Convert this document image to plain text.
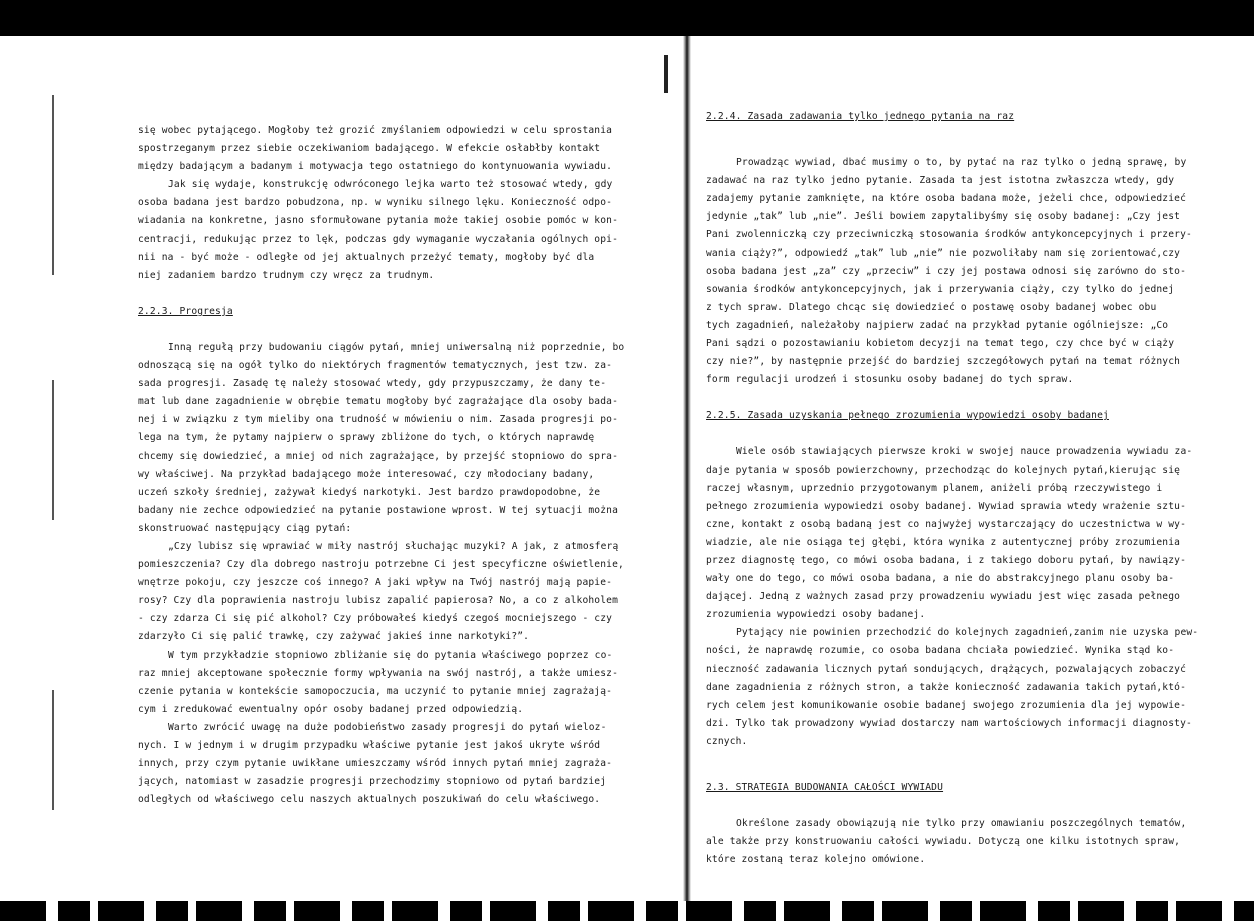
się wobec pytającego. Mogłoby też grozić zmyślaniem odpowiedzi w celu sprostania

spostrzeganym przez siebie oczekiwaniom badającego. W efekcie osłabłby kontakt

między badającym a badanym i motywacja tego ostatniego do kontynuowania wywiadu.

Jak się wydaje, konstrukcję odwróconego lejka warto też stosować wtedy, gdy

osoba badana jest bardzo pobudzona, np. w wyniku silnego lęku. Konieczność odpo-

wiadania na konkretne, jasno sformułowane pytania może takiej osobie pomóc w kon-

centracji, redukując przez to lęk, podczas gdy wymaganie wyczałania ogólnych opi-

nii na - być może - odległe od jej aktualnych przeżyć tematy, mogłoby być dla

niej zadaniem bardzo trudnym czy wręcz za trudnym.

2.2.3. Progresja

Inną regułą przy budowaniu ciągów pytań, mniej uniwersalną niż poprzednie, bo

odnoszącą się na ogół tylko do niektórych fragmentów tematycznych, jest tzw. za-

sada progresji. Zasadę tę należy stosować wtedy, gdy przypuszczamy, że dany te-

mat lub dane zagadnienie w obrębie tematu mogłoby być zagrażające dla osoby bada-

nej i w związku z tym mieliby ona trudność w mówieniu o nim. Zasada progresji po-

lega na tym, że pytamy najpierw o sprawy zbliżone do tych, o których naprawdę

chcemy się dowiedzieć, a mniej od nich zagrażające, by przejść stopniowo do spra-

wy właściwej. Na przykład badającego może interesować, czy młodociany badany,

uczeń szkoły średniej, zażywał kiedyś narkotyki. Jest bardzo prawdopodobne, że

badany nie zechce odpowiedzieć na pytanie postawione wprost. W tej sytuacji można

skonstruować następujący ciąg pytań:

„Czy lubisz się wprawiać w miły nastrój słuchając muzyki? A jak, z atmosferą

pomieszczenia? Czy dla dobrego nastroju potrzebne Ci jest specyficzne oświetlenie,

wnętrze pokoju, czy jeszcze coś innego? A jaki wpływ na Twój nastrój mają papie-

rosy? Czy dla poprawienia nastroju lubisz zapalić papierosa? No, a co z alkoholem

- czy zdarza Ci się pić alkohol? Czy próbowałeś kiedyś czegoś mocniejszego - czy

zdarzyło Ci się palić trawkę, czy zażywać jakieś inne narkotyki?”.

W tym przykładzie stopniowo zbliżanie się do pytania właściwego poprzez co-

raz mniej akceptowane społecznie formy wpływania na swój nastrój, a także umiesz-

czenie pytania w kontekście samopoczucia, ma uczynić to pytanie mniej zagrażają-

cym i zredukować ewentualny opór osoby badanej przed odpowiedzią.

Warto zwrócić uwagę na duże podobieństwo zasady progresji do pytań wieloz-

nych. I w jednym i w drugim przypadku właściwe pytanie jest jakoś ukryte wśród

innych, przy czym pytanie uwikłane umieszczamy wśród innych pytań mniej zagraża-

jących, natomiast w zasadzie progresji przechodzimy stopniowo od pytań bardziej

odległych od właściwego celu naszych aktualnych poszukiwań do celu właściwego.

2.2.4. Zasada zadawania tylko jednego pytania na raz

Prowadząc wywiad, dbać musimy o to, by pytać na raz tylko o jedną sprawę, by

zadawać na raz tylko jedno pytanie. Zasada ta jest istotna zwłaszcza wtedy, gdy

zadajemy pytanie zamknięte, na które osoba badana może, jeżeli chce, odpowiedzieć

jedynie „tak” lub „nie”. Jeśli bowiem zapytalibyśmy się osoby badanej: „Czy jest

Pani zwolenniczką czy przeciwniczką stosowania środków antykoncepcyjnych i przery-

wania ciąży?”, odpowiedź „tak” lub „nie” nie pozwoliłaby nam się zorientować,czy

osoba badana jest „za” czy „przeciw” i czy jej postawa odnosi się zarówno do sto-

sowania środków antykoncepcyjnych, jak i przerywania ciąży, czy tylko do jednej

z tych spraw. Dlatego chcąc się dowiedzieć o postawę osoby badanej wobec obu

tych zagadnień, należałoby najpierw zadać na przykład pytanie ogólniejsze: „Co

Pani sądzi o pozostawianiu kobietom decyzji na temat tego, czy chce być w ciąży

czy nie?”, by następnie przejść do bardziej szczegółowych pytań na temat różnych

form regulacji urodzeń i stosunku osoby badanej do tych spraw.

2.2.5. Zasada uzyskania pełnego zrozumienia wypowiedzi osoby badanej

Wiele osób stawiających pierwsze kroki w swojej nauce prowadzenia wywiadu za-

daje pytania w sposób powierzchowny, przechodząc do kolejnych pytań,kierując się

raczej własnym, uprzednio przygotowanym planem, aniżeli próbą rzeczywistego i

pełnego zrozumienia wypowiedzi osoby badanej. Wywiad sprawia wtedy wrażenie sztu-

czne, kontakt z osobą badaną jest co najwyżej wystarczający do uczestnictwa w wy-

wiadzie, ale nie osiąga tej głębi, która wynika z autentycznej próby zrozumienia

przez diagnostę tego, co mówi osoba badana, i z takiego doboru pytań, by nawiązy-

wały one do tego, co mówi osoba badana, a nie do abstrakcyjnego planu osoby ba-

dającej. Jedną z ważnych zasad przy prowadzeniu wywiadu jest więc zasada pełnego

zrozumienia wypowiedzi osoby badanej.

Pytający nie powinien przechodzić do kolejnych zagadnień,zanim nie uzyska pew-

ności, że naprawdę rozumie, co osoba badana chciała powiedzieć. Wynika stąd ko-

nieczność zadawania licznych pytań sondujących, drążących, pozwalających zobaczyć

dane zagadnienia z różnych stron, a także konieczność zadawania takich pytań,któ-

rych celem jest komunikowanie osobie badanej swojego zrozumienia dla jej wypowie-

dzi. Tylko tak prowadzony wywiad dostarczy nam wartościowych informacji diagnosty-

cznych.

2.3. STRATEGIA BUDOWANIA CAŁOŚCI WYWIADU

Określone zasady obowiązują nie tylko przy omawianiu poszczególnych tematów,

ale także przy konstruowaniu całości wywiadu. Dotyczą one kilku istotnych spraw,

które zostaną teraz kolejno omówione.
